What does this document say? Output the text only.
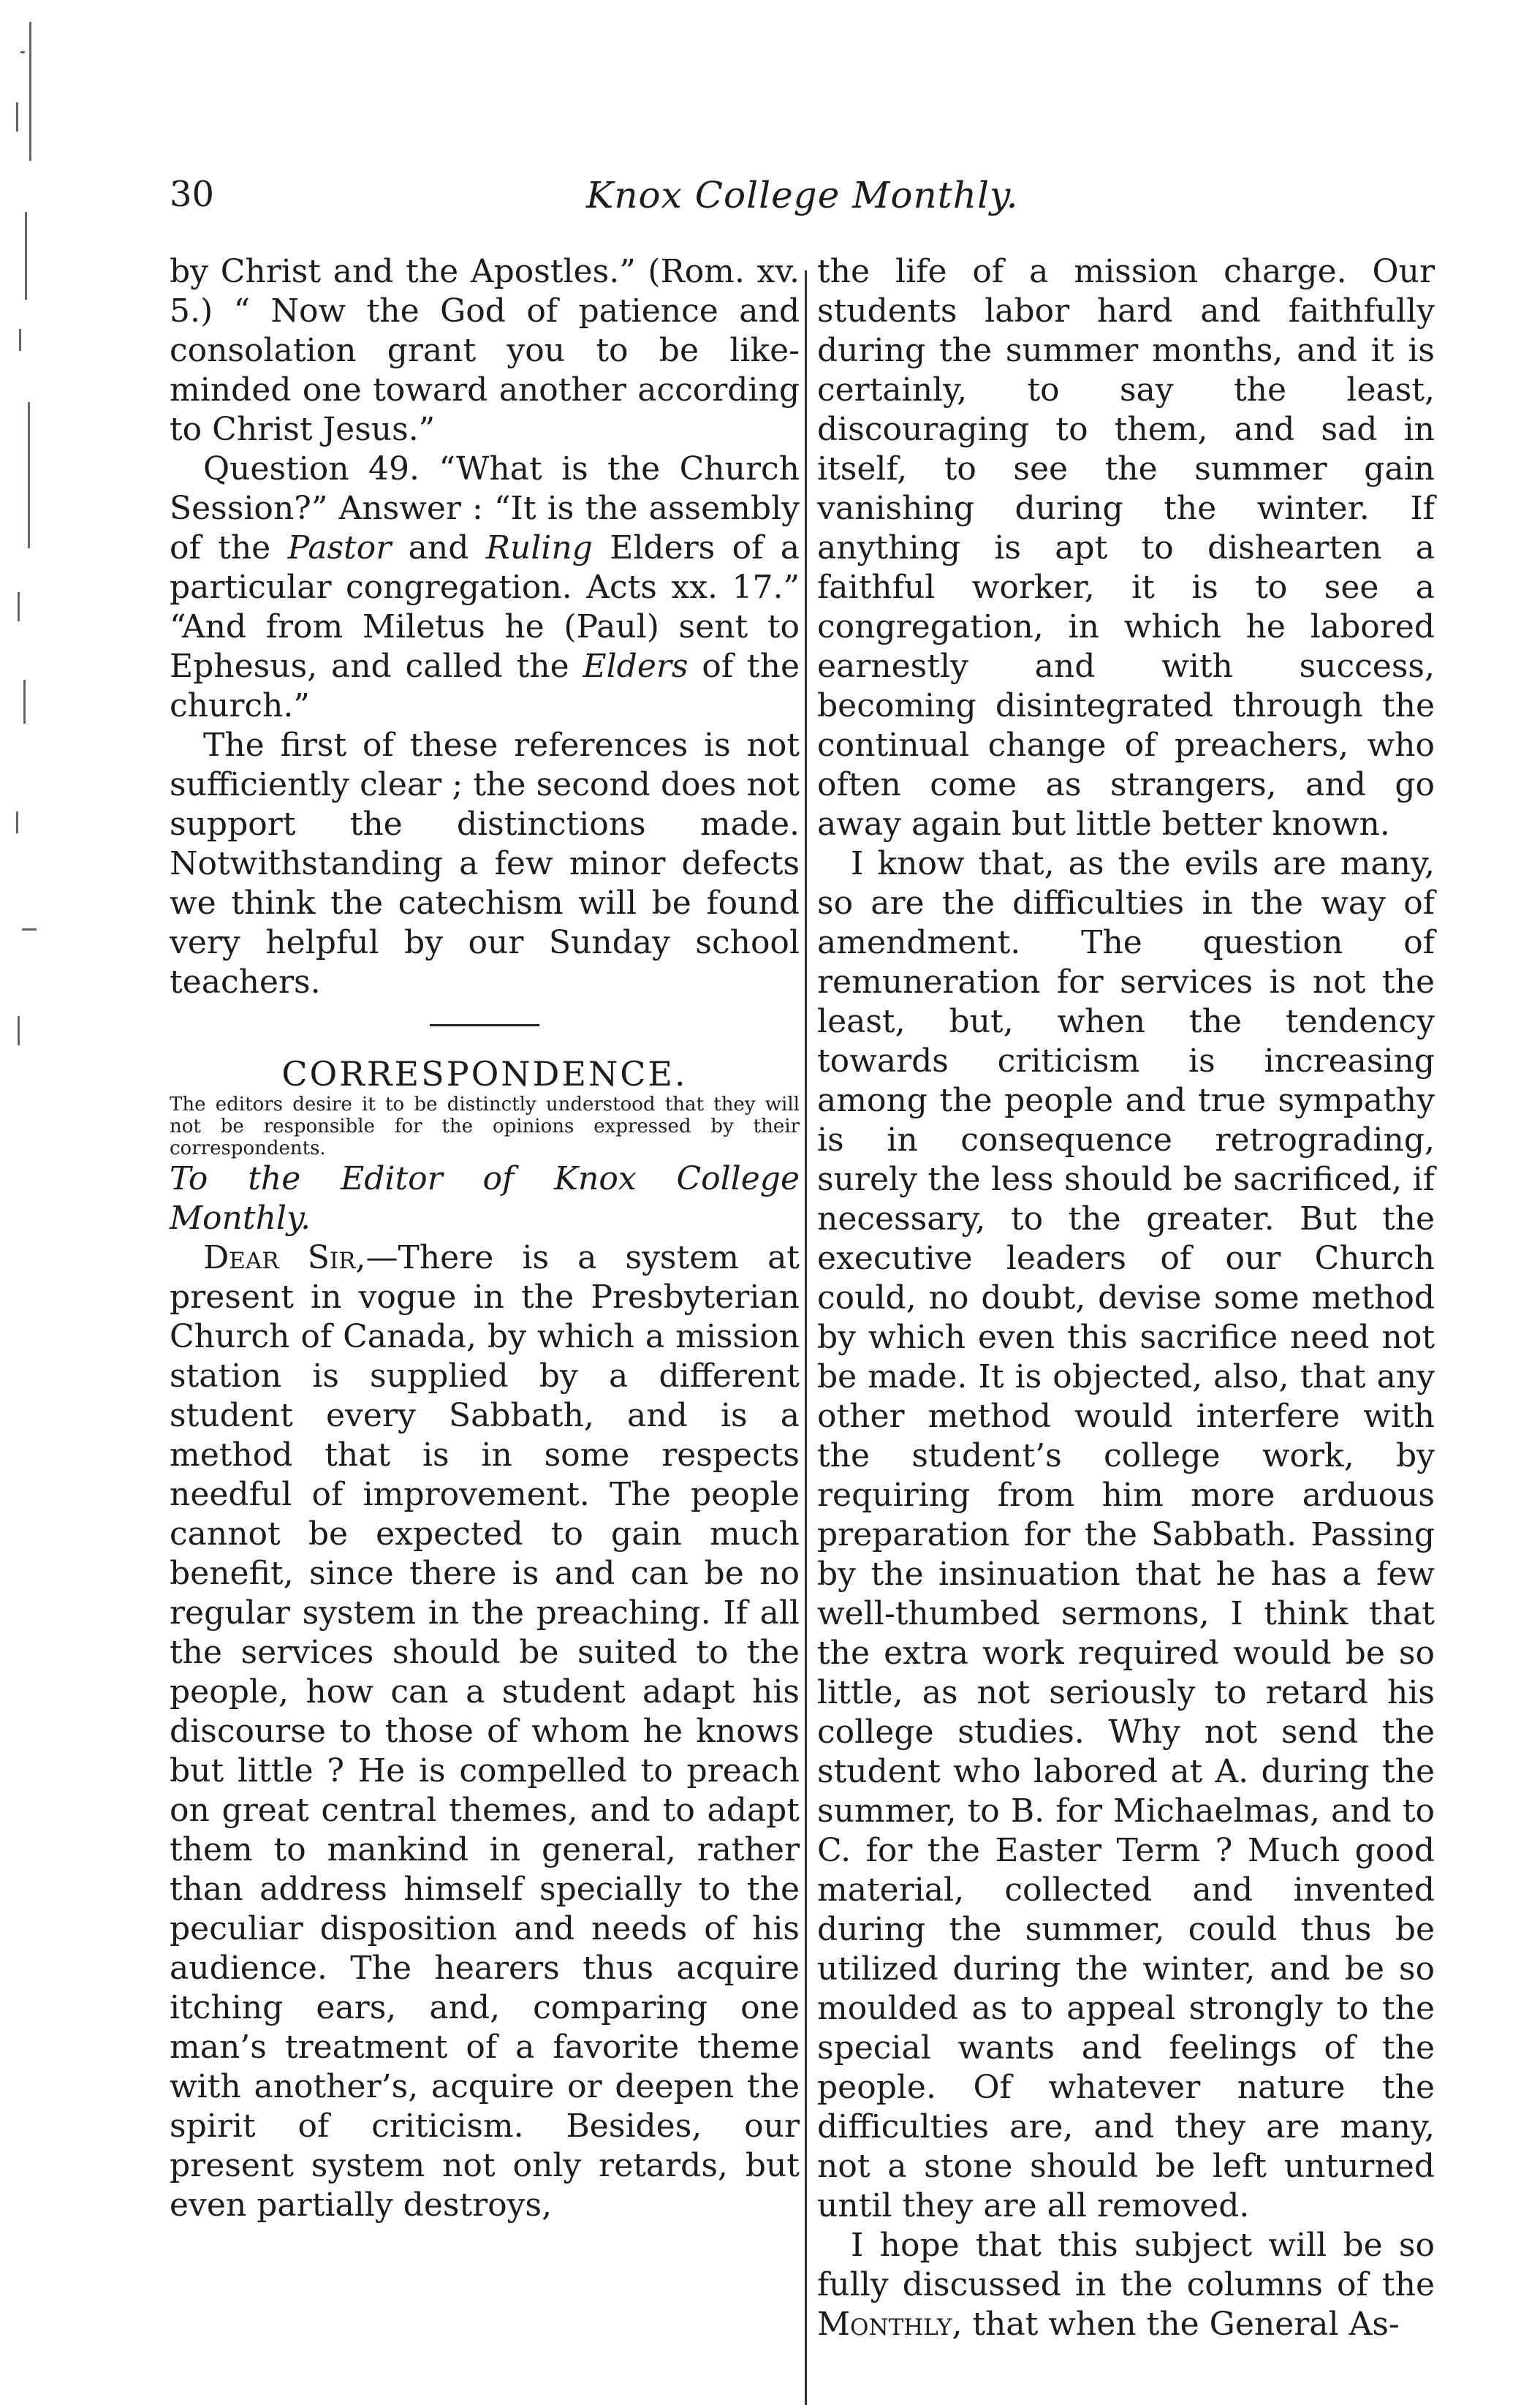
30	Knox College Monthly.

by Christ and the Apostles.” (Rom. xv. 5.) “ Now the God of patience and consolation grant you to be like-minded one toward another according to Christ Jesus.”

Question 49. “What is the Church Session?” Answer : “It is the assembly of the Pastor and Ruling Elders of a particular congregation. Acts xx. 17.” “And from Miletus he (Paul) sent to Ephesus, and called the Elders of the church.”

The first of these references is not sufficiently clear ; the second does not support the distinctions made. Notwithstanding a few minor defects we think the catechism will be found very helpful by our Sunday school teachers.

CORRESPONDENCE.

The editors desire it to be distinctly understood that they will not be responsible for the opinions expressed by their correspondents.

To the Editor of Knox College Monthly.

Dear Sir,—There is a system at present in vogue in the Presbyterian Church of Canada, by which a mission station is supplied by a different student every Sabbath, and is a method that is in some respects needful of improvement. The people cannot be expected to gain much benefit, since there is and can be no regular system in the preaching. If all the services should be suited to the people, how can a student adapt his discourse to those of whom he knows but little ? He is compelled to preach on great central themes, and to adapt them to mankind in general, rather than address himself specially to the peculiar disposition and needs of his audience. The hearers thus acquire itching ears, and, comparing one man’s treatment of a favorite theme with another’s, acquire or deepen the spirit of criticism. Besides, our present system not only retards, but even partially destroys,

the life of a mission charge. Our students labor hard and faithfully during the summer months, and it is certainly, to say the least, discouraging to them, and sad in itself, to see the summer gain vanishing during the winter. If anything is apt to dishearten a faithful worker, it is to see a congregation, in which he labored earnestly and with success, becoming disintegrated through the continual change of preachers, who often come as strangers, and go away again but little better known.

I know that, as the evils are many, so are the difficulties in the way of amendment. The question of remuneration for services is not the least, but, when the tendency towards criticism is increasing among the people and true sympathy is in consequence retrograding, surely the less should be sacrificed, if necessary, to the greater. But the executive leaders of our Church could, no doubt, devise some method by which even this sacrifice need not be made. It is objected, also, that any other method would interfere with the student’s college work, by requiring from him more arduous preparation for the Sabbath. Passing by the insinuation that he has a few well-thumbed sermons, I think that the extra work required would be so little, as not seriously to retard his college studies. Why not send the student who labored at A. during the summer, to B. for Michaelmas, and to C. for the Easter Term ? Much good material, collected and invented during the summer, could thus be utilized during the winter, and be so moulded as to appeal strongly to the special wants and feelings of the people. Of whatever nature the difficulties are, and they are many, not a stone should be left unturned until they are all removed.

I hope that this subject will be so fully discussed in the columns of the Monthly, that when the General As-
